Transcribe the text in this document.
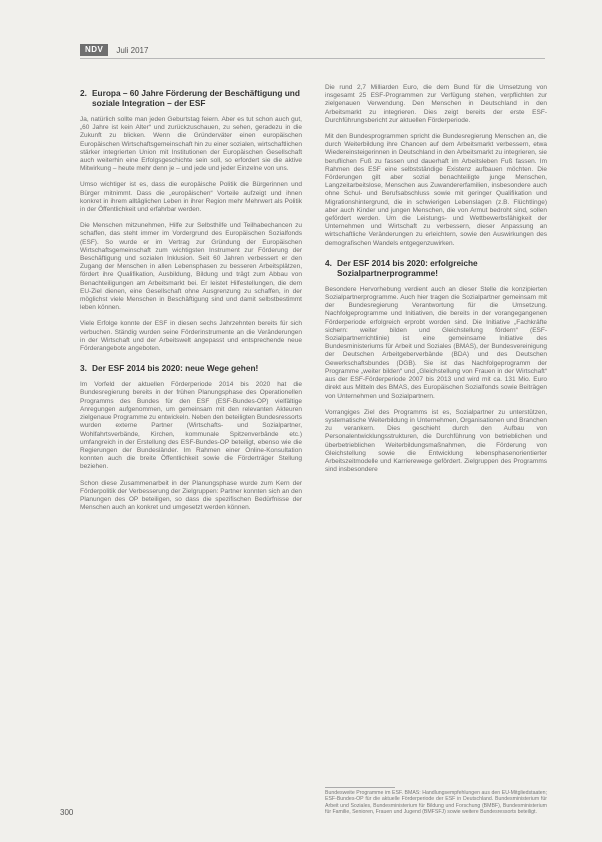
NDV	Juli 2017
2. Europa – 60 Jahre Förderung der Beschäftigung und soziale Integration – der ESF

Ja, natürlich sollte man jeden Geburtstag feiern. Aber es tut schon auch gut, „60 Jahre ist kein Alter“ und zurückzuschauen, zu sehen, geradezu in die Zukunft zu blicken. Wenn die Gründerväter einen europäischen Europäischen Wirtschaftsgemeinschaft hin zu einer sozialen, wirtschaftlichen stärker integrierten Union mit Institutionen der Europäischen Gesellschaft auch weiterhin eine Erfolgsgeschichte sein soll, so erfordert sie die aktive Mitwirkung – heute mehr denn je – und jede und jeder Einzelne von uns.

Umso wichtiger ist es, dass die europäische Politik die Bürgerinnen und Bürger mitnimmt. Dass die „europäischen“ Vorteile aufzeigt und ihnen konkret in ihrem alltäglichen Leben in ihrer Region mehr Mehrwert als Politik in der Öffentlichkeit und erfahrbar werden.

Die Menschen mitzunehmen, Hilfe zur Selbsthilfe und Teilhabechancen zu schaffen, das steht immer im Vordergrund des Europäischen Sozialfonds (ESF). So wurde er im Vertrag zur Gründung der Europäischen Wirtschaftsgemeinschaft zum wichtigsten Instrument zur Förderung der Beschäftigung und sozialen Inklusion. Seit 60 Jahren verbessert er den Zugang der Menschen in allen Lebensphasen zu besseren Arbeitsplätzen, fördert ihre Qualifikation, Ausbildung, Bildung und trägt zum Abbau von Benachteiligungen am Arbeitsmarkt bei. Er leistet Hilfestellungen, die dem EU-Ziel dienen, eine Gesellschaft ohne Ausgrenzung zu schaffen, in der möglichst viele Menschen in Beschäftigung sind und damit selbstbestimmt leben können.

Viele Erfolge konnte der ESF in diesen sechs Jahrzehnten bereits für sich verbuchen. Ständig wurden seine Förderinstrumente an die Veränderungen in der Wirtschaft und der Arbeitswelt angepasst und entsprechende neue Förderangebote angeboten.

3. Der ESF 2014 bis 2020: neue Wege gehen!

Im Vorfeld der aktuellen Förderperiode 2014 bis 2020 hat die Bundesregierung bereits in der frühen Planungsphase des Operationellen Programms des Bundes für den ESF (ESF-Bundes-OP) vielfältige Anregungen aufgenommen, um gemeinsam mit den relevanten Akteuren zielgenaue Programme zu entwickeln. Neben den beteiligten Bundesressorts wurden externe Partner (Wirtschafts- und Sozialpartner, Wohlfahrtsverbände, Kirchen, kommunale Spitzenverbände etc.) umfangreich in der Erstellung des ESF-Bundes-OP beteiligt, ebenso wie die Regierungen der Bundesländer. Im Rahmen einer Online-Konsultation konnten auch die breite Öffentlichkeit sowie die Förderträger Stellung beziehen.

Schon diese Zusammenarbeit in der Planungsphase wurde zum Kern der Förderpolitik der Verbesserung der Zielgruppen: Partner konnten sich an den Planungen des OP beteiligen, so dass die spezifischen Bedürfnisse der Menschen auch an konkret und umgesetzt werden können.

Die rund 2,7 Milliarden Euro, die dem Bund für die Umsetzung von insgesamt 25 ESF-Programmen zur Verfügung stehen, verpflichten zur zielgenauen Verwendung. Den Menschen in Deutschland in den Arbeitsmarkt zu integrieren. Dies zeigt bereits der erste ESF-Durchführungsbericht zur aktuellen Förderperiode.

Mit den Bundesprogrammen spricht die Bundesregierung Menschen an, die durch Weiterbildung ihre Chancen auf dem Arbeitsmarkt verbessern, etwa Wiedereinsteigerinnen in Deutschland in den Arbeitsmarkt zu integrieren, sie beruflichen Fuß zu fassen und dauerhaft im Arbeitsleben Fuß fassen. Im Rahmen des ESF eine selbstständige Existenz aufbauen möchten. Die Förderungen gilt aber sozial benachteiligte junge Menschen, Langzeitarbeitslose, Menschen aus Zuwandererfamilien, insbesondere auch ohne Schul- und Berufsabschluss sowie mit geringer Qualifikation und Migrationshintergrund, die in schwierigen Lebenslagen (z.B. Flüchtlinge) aber auch Kinder und jungen Menschen, die von Armut bedroht sind, sollen gefördert werden. Um die Leistungs- und Wettbewerbsfähigkeit der Unternehmen und Wirtschaft zu verbessern, dieser Anpassung an wirtschaftliche Veränderungen zu erleichtern, sowie den Auswirkungen des demografischen Wandels entgegenzuwirken.

4. Der ESF 2014 bis 2020: erfolgreiche Sozialpartnerprogramme!

Besondere Hervorhebung verdient auch an dieser Stelle die konzipierten Sozialpartnerprogramme. Auch hier tragen die Sozialpartner gemeinsam mit der Bundesregierung Verantwortung für die Umsetzung. Nachfolgeprogramme und Initiativen, die bereits in der vorangegangenen Förderperiode erfolgreich erprobt worden sind. Die Initiative „Fachkräfte sichern: weiter bilden und Gleichstellung fördern“ (ESF-Sozialpartnerrichtlinie) ist eine gemeinsame Initiative des Bundesministeriums für Arbeit und Soziales (BMAS), der Bundesvereinigung der Deutschen Arbeitgeberverbände (BDA) und des Deutschen Gewerkschaftsbundes (DGB). Sie ist das Nachfolgeprogramm der Programme „weiter bilden“ und „Gleichstellung von Frauen in der Wirtschaft“ aus der ESF-Förderperiode 2007 bis 2013 und wird mit ca. 131 Mio. Euro direkt aus Mitteln des BMAS, des Europäischen Sozialfonds sowie Beiträgen von Unternehmen und Sozialpartnern.

Vorrangiges Ziel des Programms ist es, Sozialpartner zu unterstützen, systematische Weiterbildung in Unternehmen, Organisationen und Branchen zu verankern. Dies geschieht durch den Aufbau von Personalentwicklungsstrukturen, die Durchführung von betrieblichen und überbetrieblichen Weiterbildungsmaßnahmen, die Förderung von Gleichstellung sowie die Entwicklung lebensphasenorientierter Arbeitszeitmodelle und Karrierewege gefördert. Zielgruppen des Programms sind insbesondere

Bundesweite Programme im ESF. BMAS: Handlungsempfehlungen aus den EU-Mitgliedstaaten; ESF-Bundes-OP für die aktuelle Förderperiode der ESF in Deutschland. Bundesministerium für Arbeit und Soziales, Bundesministerium für Bildung und Forschung (BMBF), Bundesministerium für Familie, Senioren, Frauen und Jugend (BMFSFJ) sowie weitere Bundesressorts beteiligt.
300
